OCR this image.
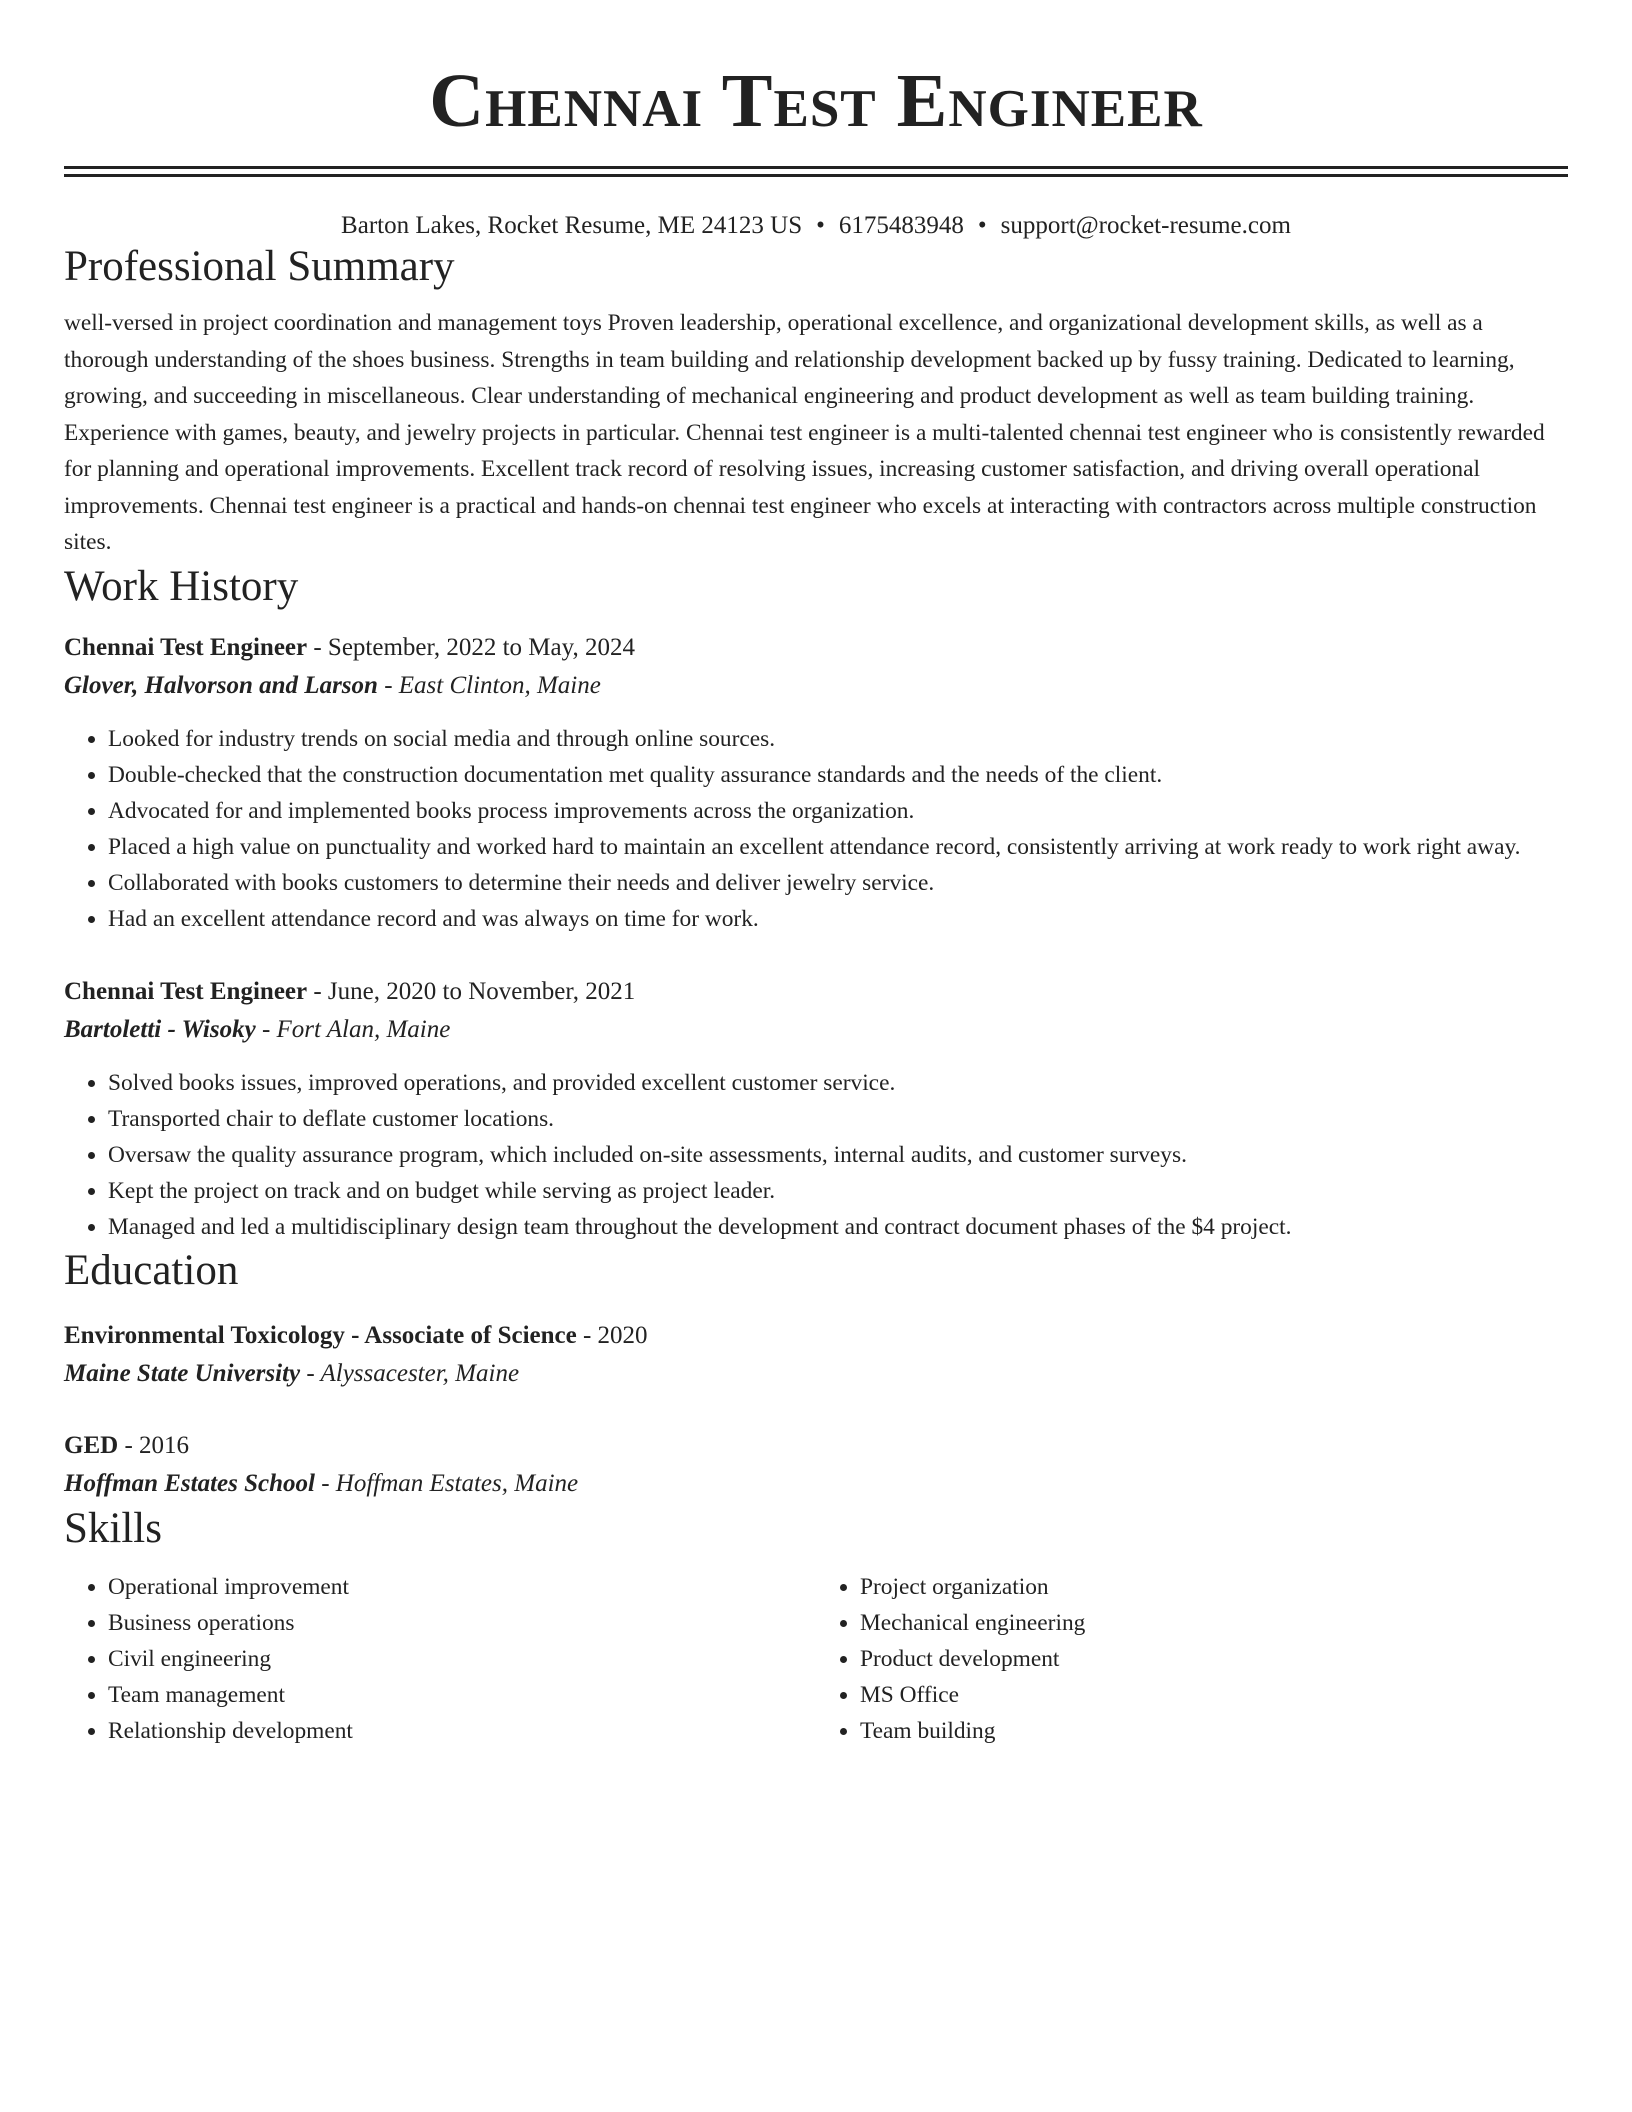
Chennai Test Engineer
Barton Lakes, Rocket Resume, ME 24123 US • 6175483948 • support@rocket-resume.com
Professional Summary

well-versed in project coordination and management toys Proven leadership, operational excellence, and organizational development skills, as well as a thorough understanding of the shoes business. Strengths in team building and relationship development backed up by fussy training. Dedicated to learning, growing, and succeeding in miscellaneous. Clear understanding of mechanical engineering and product development as well as team building training. Experience with games, beauty, and jewelry projects in particular. Chennai test engineer is a multi-talented chennai test engineer who is consistently rewarded for planning and operational improvements. Excellent track record of resolving issues, increasing customer satisfaction, and driving overall operational improvements. Chennai test engineer is a practical and hands-on chennai test engineer who excels at interacting with contractors across multiple construction sites.

Work History
Chennai Test Engineer - September, 2022 to May, 2024
Glover, Halvorson and Larson - East Clinton, Maine
• Looked for industry trends on social media and through online sources.
• Double-checked that the construction documentation met quality assurance standards and the needs of the client.
• Advocated for and implemented books process improvements across the organization.
• Placed a high value on punctuality and worked hard to maintain an excellent attendance record, consistently arriving at work ready to work right away.
• Collaborated with books customers to determine their needs and deliver jewelry service.
• Had an excellent attendance record and was always on time for work.
Chennai Test Engineer - June, 2020 to November, 2021
Bartoletti - Wisoky - Fort Alan, Maine
• Solved books issues, improved operations, and provided excellent customer service.
• Transported chair to deflate customer locations.
• Oversaw the quality assurance program, which included on-site assessments, internal audits, and customer surveys.
• Kept the project on track and on budget while serving as project leader.
• Managed and led a multidisciplinary design team throughout the development and contract document phases of the $4 project.
Education
Environmental Toxicology - Associate of Science - 2020
Maine State University - Alyssacester, Maine
GED - 2016
Hoffman Estates School - Hoffman Estates, Maine
Skills
• Operational improvement
• Business operations
• Civil engineering
• Team management
• Relationship development
• Project organization
• Mechanical engineering
• Product development
• MS Office
• Team building
